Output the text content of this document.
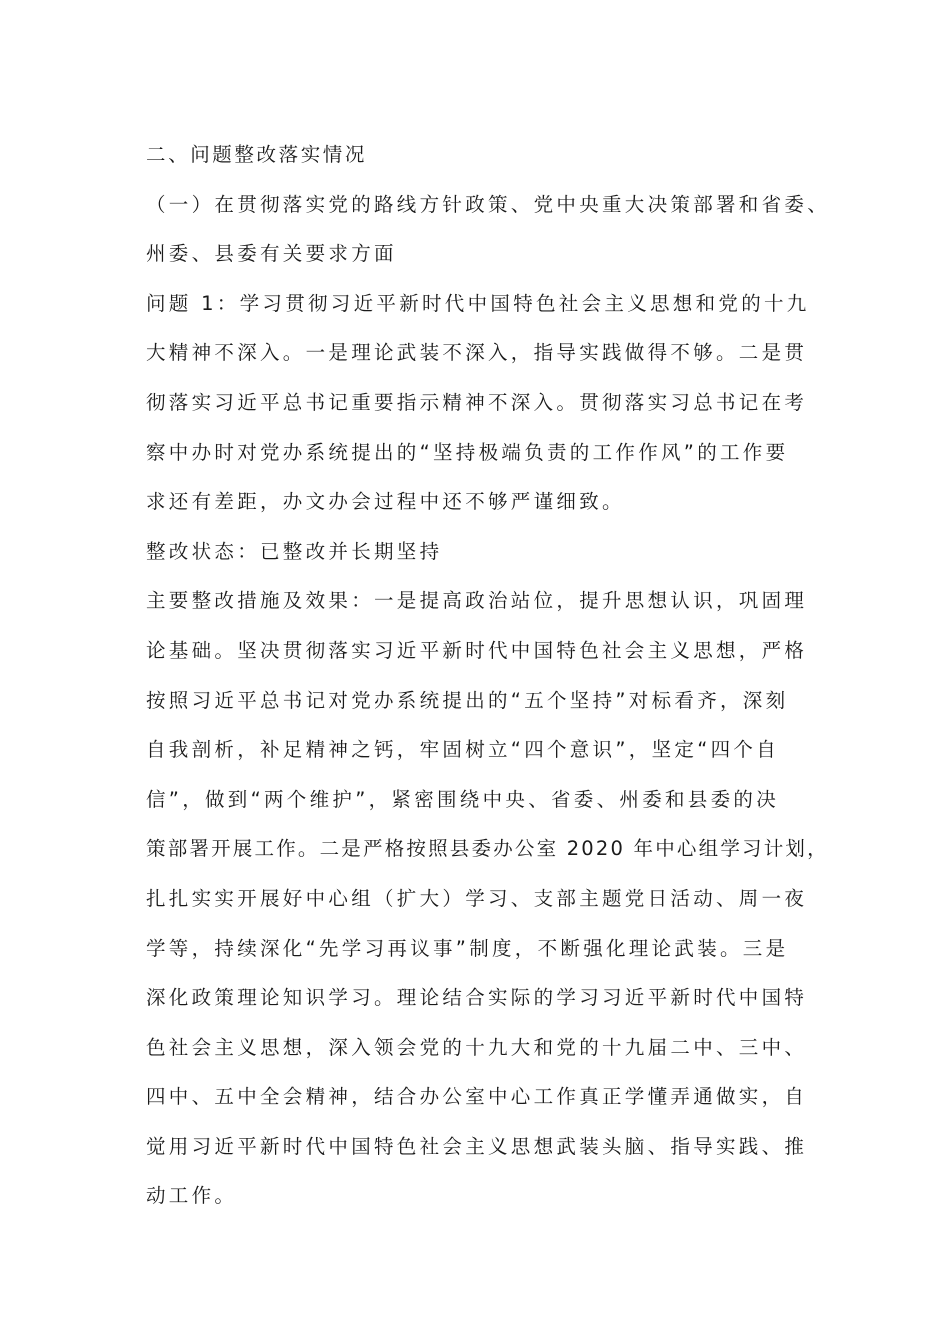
二、问题整改落实情况

（一）在贯彻落实党的路线方针政策、党中央重大决策部署和省委、

州委、县委有关要求方面

问题 1：学习贯彻习近平新时代中国特色社会主义思想和党的十九

大精神不深入。一是理论武装不深入，指导实践做得不够。二是贯

彻落实习近平总书记重要指示精神不深入。贯彻落实习总书记在考

察中办时对党办系统提出的“坚持极端负责的工作作风”的工作要

求还有差距，办文办会过程中还不够严谨细致。

整改状态：已整改并长期坚持

主要整改措施及效果：一是提高政治站位，提升思想认识，巩固理

论基础。坚决贯彻落实习近平新时代中国特色社会主义思想，严格

按照习近平总书记对党办系统提出的“五个坚持”对标看齐，深刻

自我剖析，补足精神之钙，牢固树立“四个意识”，坚定“四个自

信”，做到“两个维护”，紧密围绕中央、省委、州委和县委的决

策部署开展工作。二是严格按照县委办公室 2020 年中心组学习计划，

扎扎实实开展好中心组（扩大）学习、支部主题党日活动、周一夜

学等，持续深化“先学习再议事”制度，不断强化理论武装。三是

深化政策理论知识学习。理论结合实际的学习习近平新时代中国特

色社会主义思想，深入领会党的十九大和党的十九届二中、三中、

四中、五中全会精神，结合办公室中心工作真正学懂弄通做实，自

觉用习近平新时代中国特色社会主义思想武装头脑、指导实践、推

动工作。
